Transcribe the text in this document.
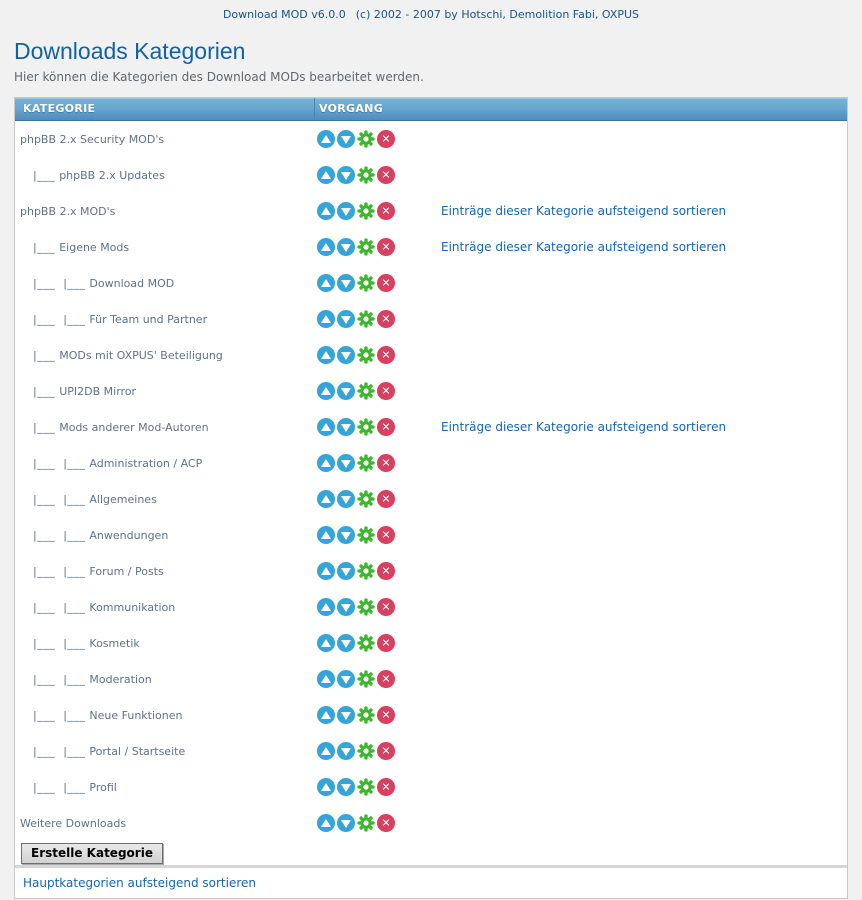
Download MOD v6.0.0 (c) 2002 - 2007 by Hotschi, Demolition Fabi, OXPUS
Downloads Kategorien
Hier können die Kategorien des Download MODs bearbeitet werden.
KATEGORIE	VORGANG
phpBB 2.x Security MOD's	✕
|___ phpBB 2.x Updates	✕
phpBB 2.x MOD's	✕	Einträge dieser Kategorie aufsteigend sortieren
|___ Eigene Mods	✕	Einträge dieser Kategorie aufsteigend sortieren
|___  |___ Download MOD	✕
|___  |___ Für Team und Partner	✕
|___ MODs mit OXPUS' Beteiligung	✕
|___ UPI2DB Mirror	✕
|___ Mods anderer Mod-Autoren	✕	Einträge dieser Kategorie aufsteigend sortieren
|___  |___ Administration / ACP	✕
|___  |___ Allgemeines	✕
|___  |___ Anwendungen	✕
|___  |___ Forum / Posts	✕
|___  |___ Kommunikation	✕
|___  |___ Kosmetik	✕
|___  |___ Moderation	✕
|___  |___ Neue Funktionen	✕
|___  |___ Portal / Startseite	✕
|___  |___ Profil	✕
Weitere Downloads	✕
Erstelle Kategorie
Hauptkategorien aufsteigend sortieren
